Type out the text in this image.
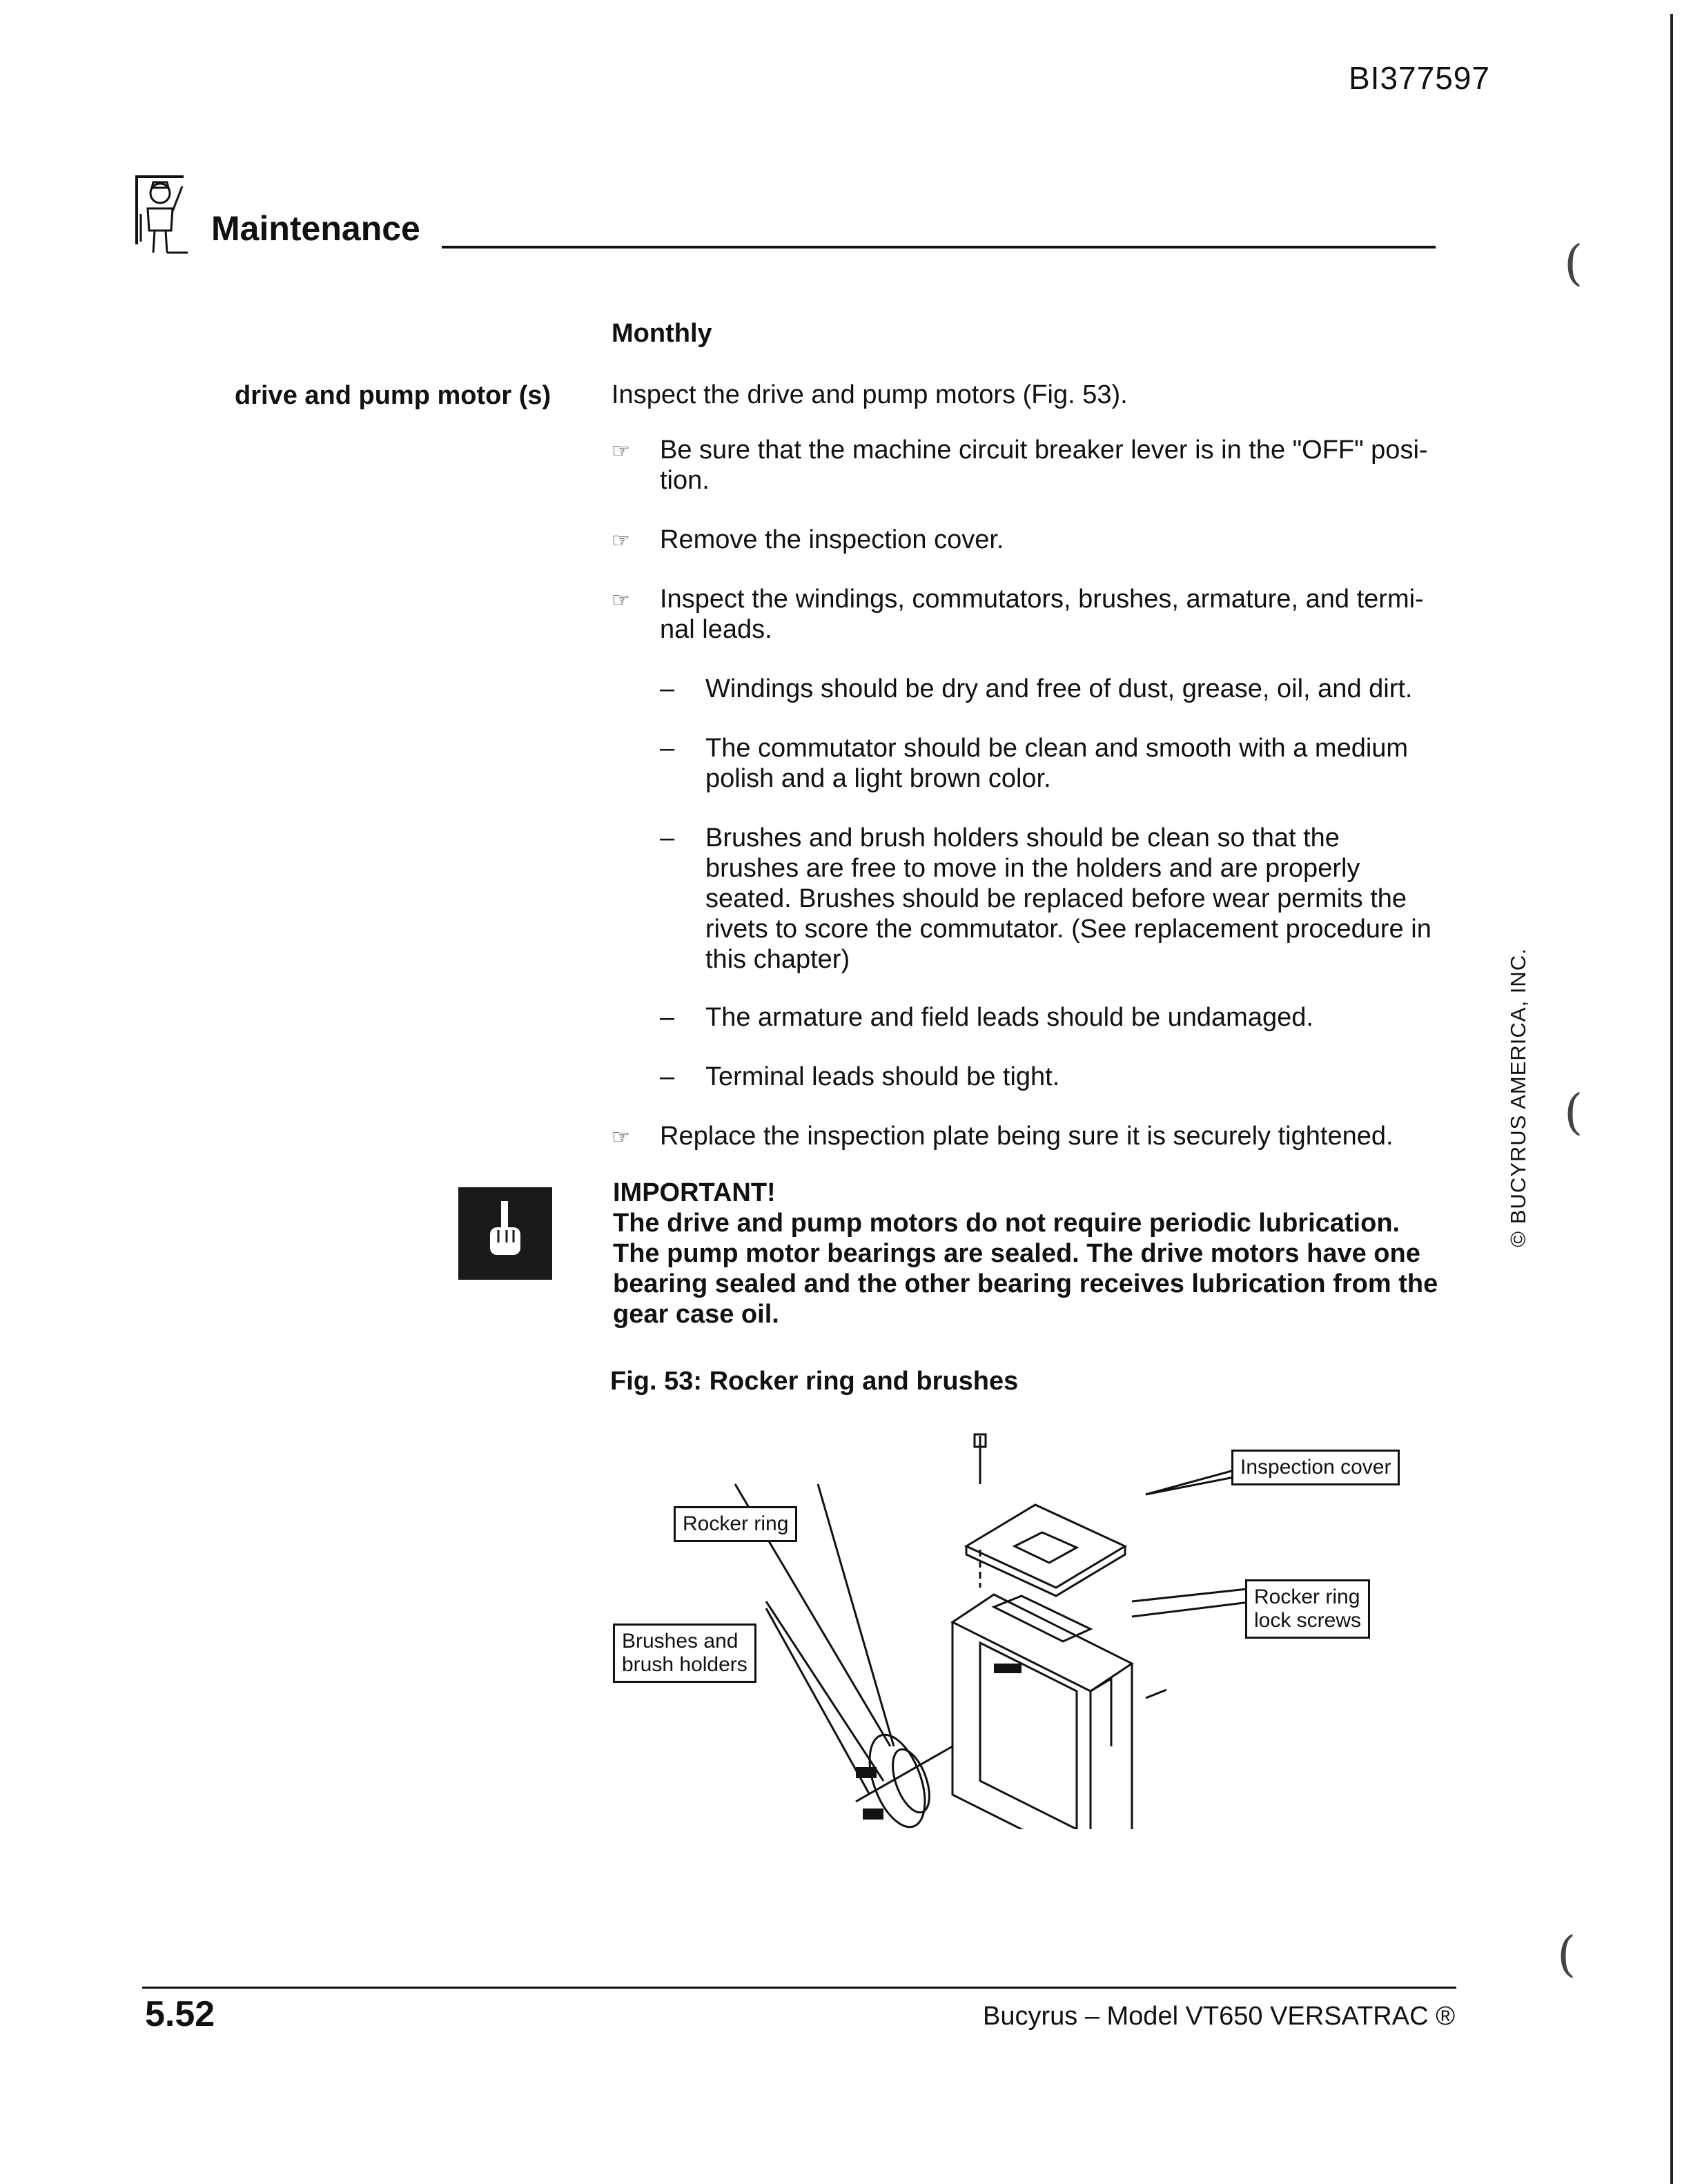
BI377597
Maintenance
(
(
(
© BUCYRUS AMERICA, INC.
Monthly
drive and pump motor (s) Inspect the drive and pump motors (Fig. 53).
☞ Be sure that the machine circuit breaker lever is in the "OFF" posi-tion.
☞ Remove the inspection cover.
☞ Inspect the windings, commutators, brushes, armature, and termi-nal leads.
– Windings should be dry and free of dust, grease, oil, and dirt.
– The commutator should be clean and smooth with a medium polish and a light brown color.
– Brushes and brush holders should be clean so that the brushes are free to move in the holders and are properly seated. Brushes should be replaced before wear permits the rivets to score the commutator. (See replacement procedure in this chapter)
– The armature and field leads should be undamaged.
– Terminal leads should be tight.
☞ Replace the inspection plate being sure it is securely tightened.
IMPORTANT!
The drive and pump motors do not require periodic lubrication. The pump motor bearings are sealed. The drive motors have one bearing sealed and the other bearing receives lubrication from the gear case oil.
Fig. 53: Rocker ring and brushes
Inspection cover
Rocker ring
Rocker ring
lock screws
Brushes and
brush holders
5.52	Bucyrus – Model VT650 VERSATRAC ®
